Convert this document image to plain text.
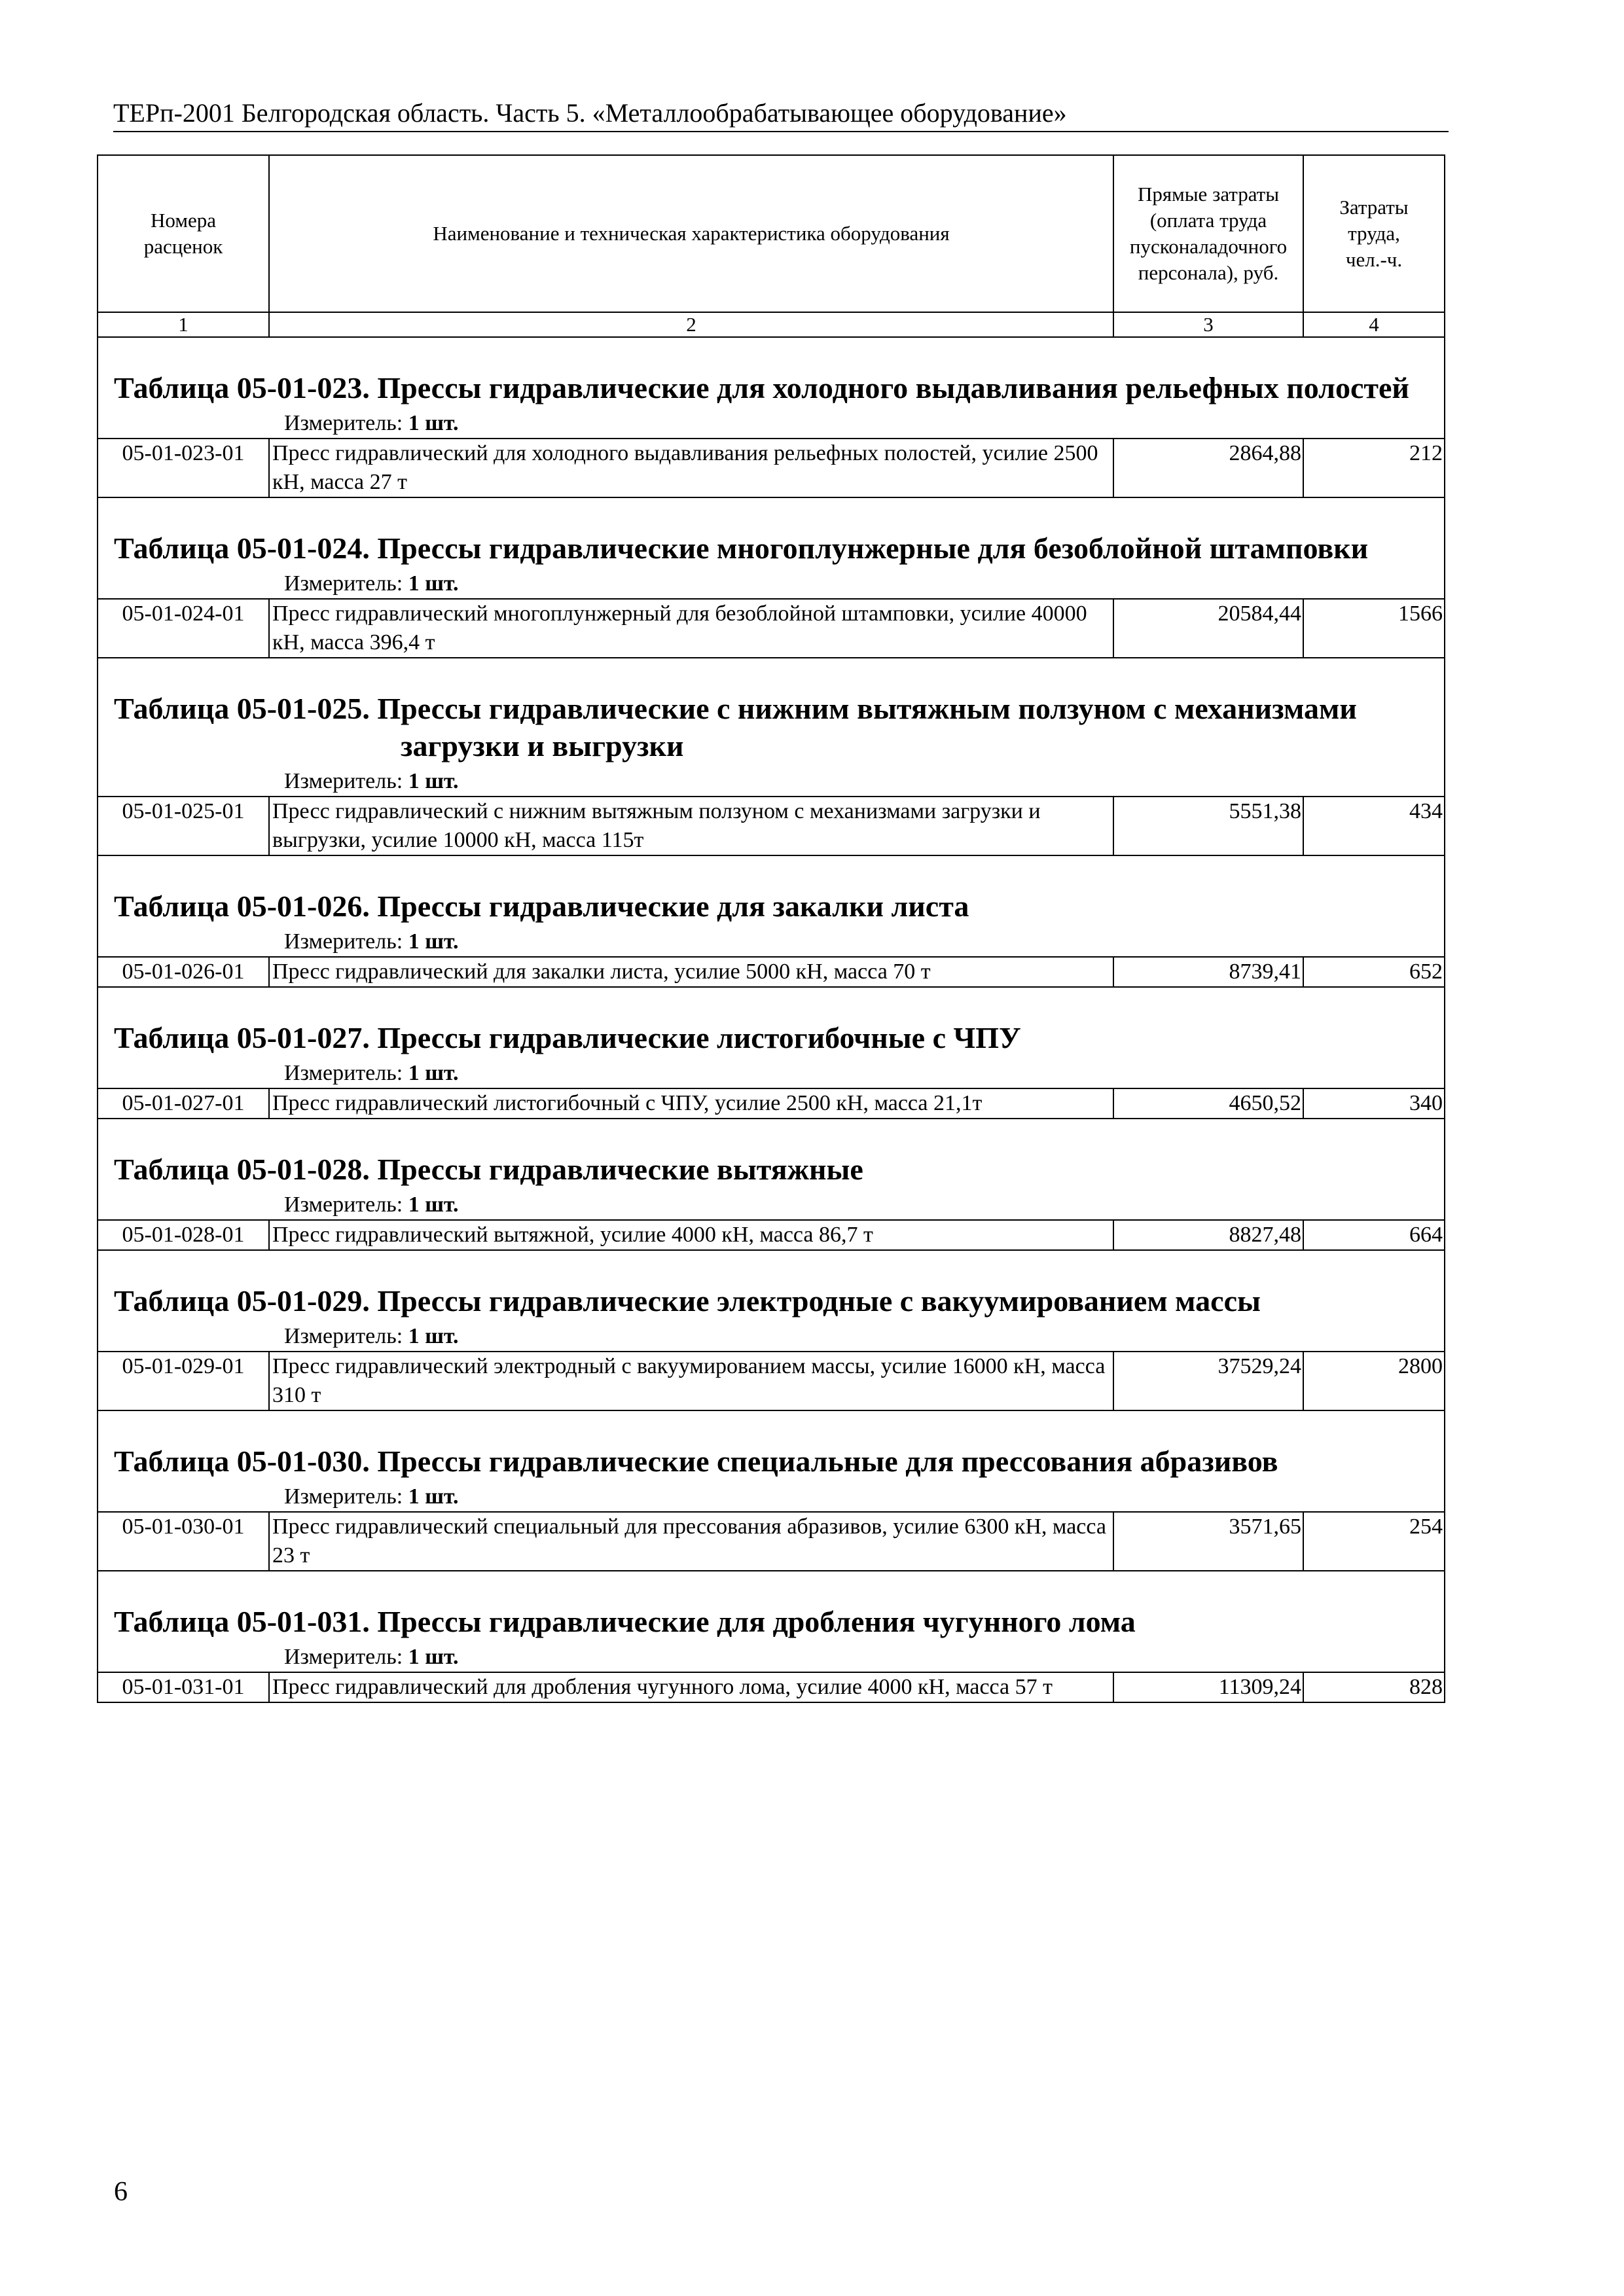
ТЕРп-2001 Белгородская область. Часть 5. «Металлообрабатывающее оборудование»
Номера расценок	Наименование и техническая характеристика оборудования	Прямые затраты (оплата труда пусконаладочного персонала), руб.	Затраты труда, чел.-ч.
1	2	3	4

Таблица 05-01-023. Прессы гидравлические для холодного выдавливания рельефных полостей
Измеритель: 1 шт.			

05-01-023-01	Пресс гидравлический для холодного выдавливания рельефных полостей, усилие 2500 кН, масса 27 т	2864,88	212

Таблица 05-01-024. Прессы гидравлические многоплунжерные для безоблойной штамповки
Измеритель: 1 шт.			

05-01-024-01	Пресс гидравлический многоплунжерный для безоблойной штамповки, усилие 40000 кН, масса 396,4 т	20584,44	1566

Таблица 05-01-025. Прессы гидравлические с нижним вытяжным ползуном с механизмами загрузки и выгрузки
Измеритель: 1 шт.			

05-01-025-01	Пресс гидравлический с нижним вытяжным ползуном с механизмами загрузки и выгрузки, усилие 10000 кН, масса 115т	5551,38	434

Таблица 05-01-026. Прессы гидравлические для закалки листа
Измеритель: 1 шт.			

05-01-026-01	Пресс гидравлический для закалки листа, усилие 5000 кН, масса 70 т	8739,41	652

Таблица 05-01-027. Прессы гидравлические листогибочные с ЧПУ
Измеритель: 1 шт.			

05-01-027-01	Пресс гидравлический листогибочный с ЧПУ, усилие 2500 кН, масса 21,1т	4650,52	340

Таблица 05-01-028. Прессы гидравлические вытяжные
Измеритель: 1 шт.			

05-01-028-01	Пресс гидравлический вытяжной, усилие 4000 кН, масса 86,7 т	8827,48	664

Таблица 05-01-029. Прессы гидравлические электродные с вакуумированием массы
Измеритель: 1 шт.			

05-01-029-01	Пресс гидравлический электродный с вакуумированием массы, усилие 16000 кН, масса 310 т	37529,24	2800

Таблица 05-01-030. Прессы гидравлические специальные для прессования абразивов
Измеритель: 1 шт.			

05-01-030-01	Пресс гидравлический специальный для прессования абразивов, усилие 6300 кН, масса 23 т	3571,65	254

Таблица 05-01-031. Прессы гидравлические для дробления чугунного лома
Измеритель: 1 шт.			

05-01-031-01	Пресс гидравлический для дробления чугунного лома, усилие 4000 кН, масса 57 т	11309,24	828
6
